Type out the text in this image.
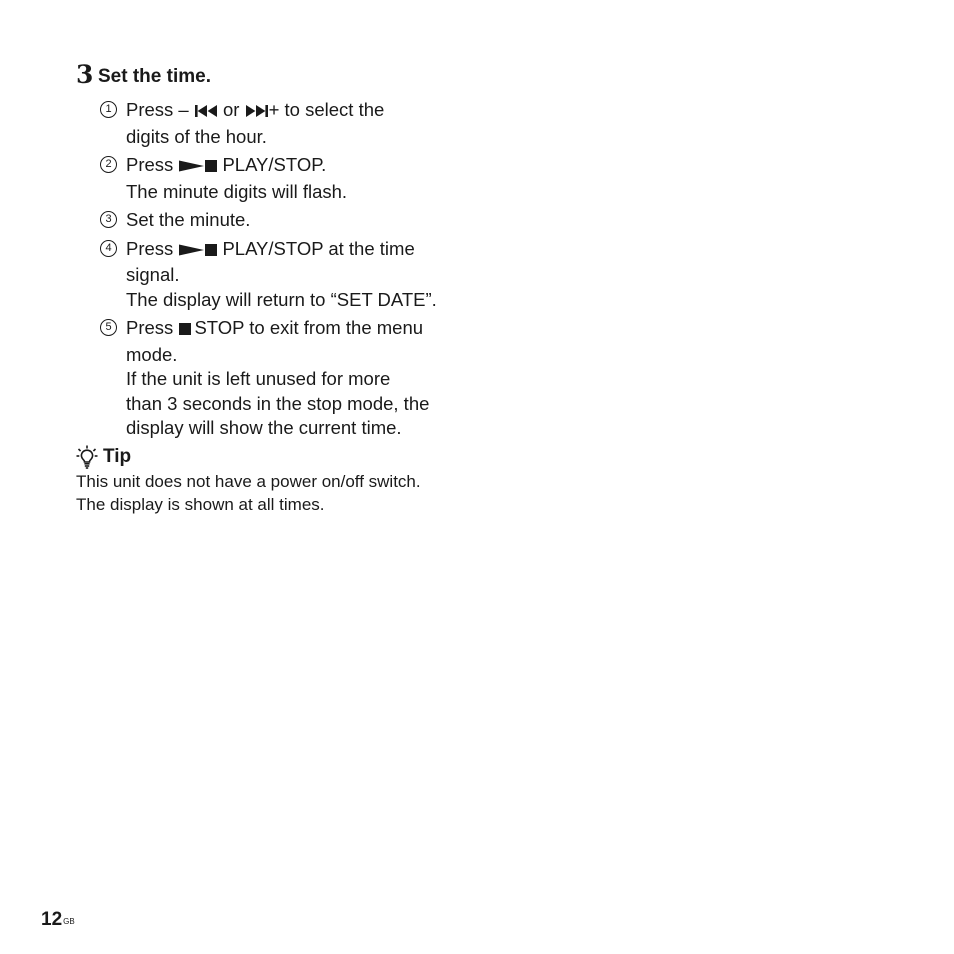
3 Set the time.
1 Press –  or + to select the
digits of the hour.
2 Press PLAY/STOP.
The minute digits will flash.
3 Set the minute.
4 Press PLAY/STOP at the time
signal.
The display will return to “SET DATE”.
5 Press STOP to exit from the menu
mode.
If the unit is left unused for more
than 3 seconds in the stop mode, the
display will show the current time.
Tip
This unit does not have a power on/off switch.
The display is shown at all times.
$12^{GB}$
